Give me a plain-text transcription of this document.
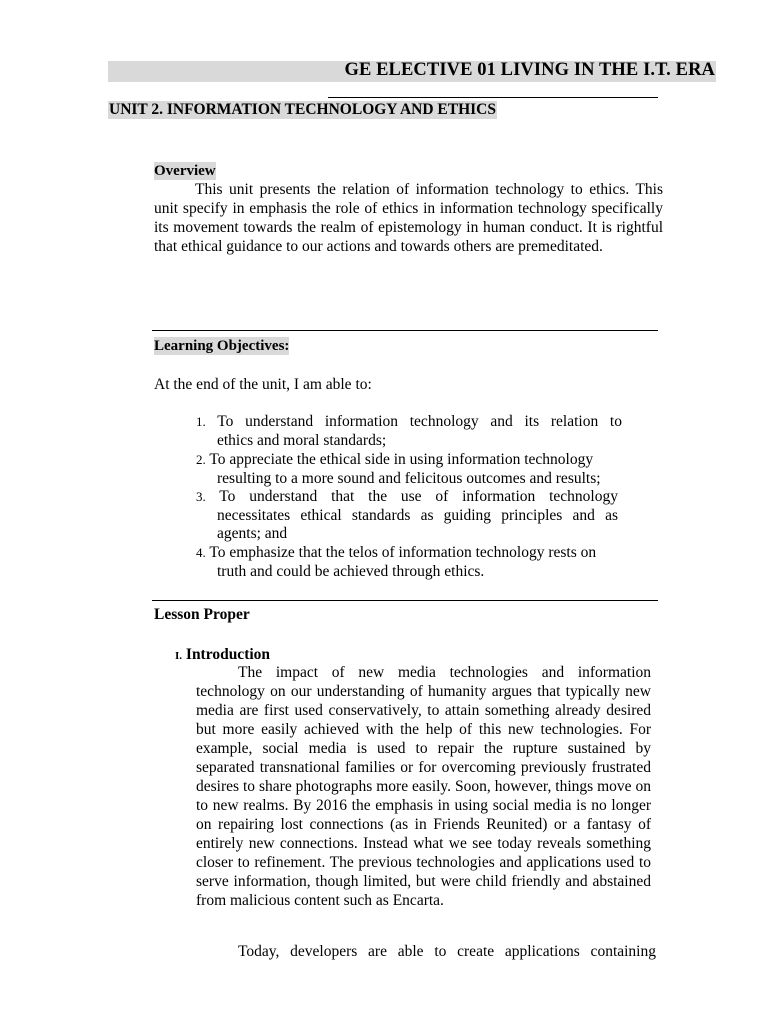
GE ELECTIVE 01 LIVING IN THE I.T. ERA
UNIT 2. INFORMATION TECHNOLOGY AND ETHICS
Overview
This unit presents the relation of information technology to ethics. This unit specify in emphasis the role of ethics in information technology specifically its movement towards the realm of epistemology in human conduct. It is rightful that ethical guidance to our actions and towards others are premeditated.
Learning Objectives:
At the end of the unit, I am able to:
1. To understand information technology and its relation to
ethics and moral standards;
2. To appreciate the ethical side in using information technology
resulting to a more sound and felicitous outcomes and results;
3. To understand that the use of information technology
necessitates ethical standards as guiding principles and as
agents; and
4. To emphasize that the telos of information technology rests on
truth and could be achieved through ethics.
Lesson Proper
I. Introduction
The impact of new media technologies and information technology on our understanding of humanity argues that typically new media are first used conservatively, to attain something already desired but more easily achieved with the help of this new technologies. For example, social media is used to repair the rupture sustained by separated transnational families or for overcoming previously frustrated desires to share photographs more easily. Soon, however, things move on to new realms. By 2016 the emphasis in using social media is no longer on repairing lost connections (as in Friends Reunited) or a fantasy of entirely new connections. Instead what we see today reveals something closer to refinement. The previous technologies and applications used to serve information, though limited, but were child friendly and abstained from malicious content such as Encarta.
Today, developers are able to create applications containing
